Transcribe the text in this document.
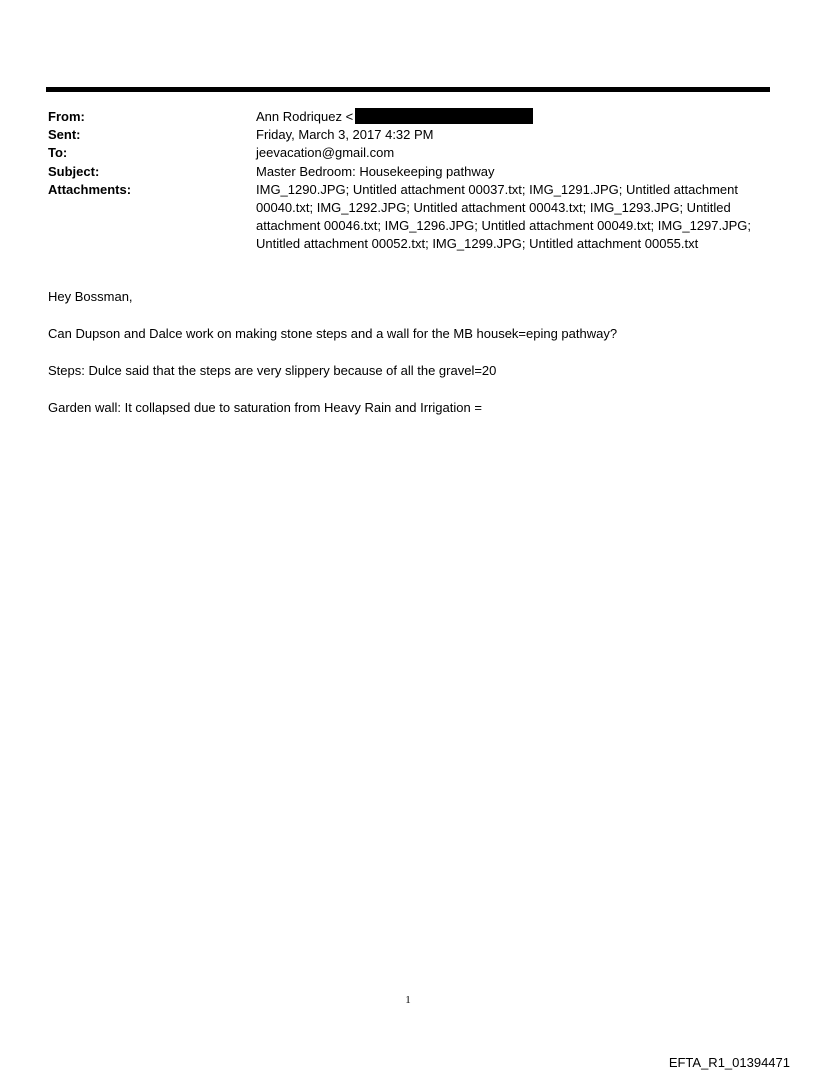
From:	Ann Rodriquez <
Sent:	Friday, March 3, 2017 4:32 PM
To:	jeevacation@gmail.com
Subject:	Master Bedroom: Housekeeping pathway
Attachments:	IMG_1290.JPG; Untitled attachment 00037.txt; IMG_1291.JPG; Untitled attachment 00040.txt; IMG_1292.JPG; Untitled attachment 00043.txt; IMG_1293.JPG; Untitled attachment 00046.txt; IMG_1296.JPG; Untitled attachment 00049.txt; IMG_1297.JPG; Untitled attachment 00052.txt; IMG_1299.JPG; Untitled attachment 00055.txt

Hey Bossman,

Can Dupson and Dalce work on making stone steps and a wall for the MB housek=eping pathway?

Steps: Dulce said that the steps are very slippery because of all the gravel=20

Garden wall: It collapsed due to saturation from Heavy Rain and Irrigation =

1
EFTA_R1_01394471
